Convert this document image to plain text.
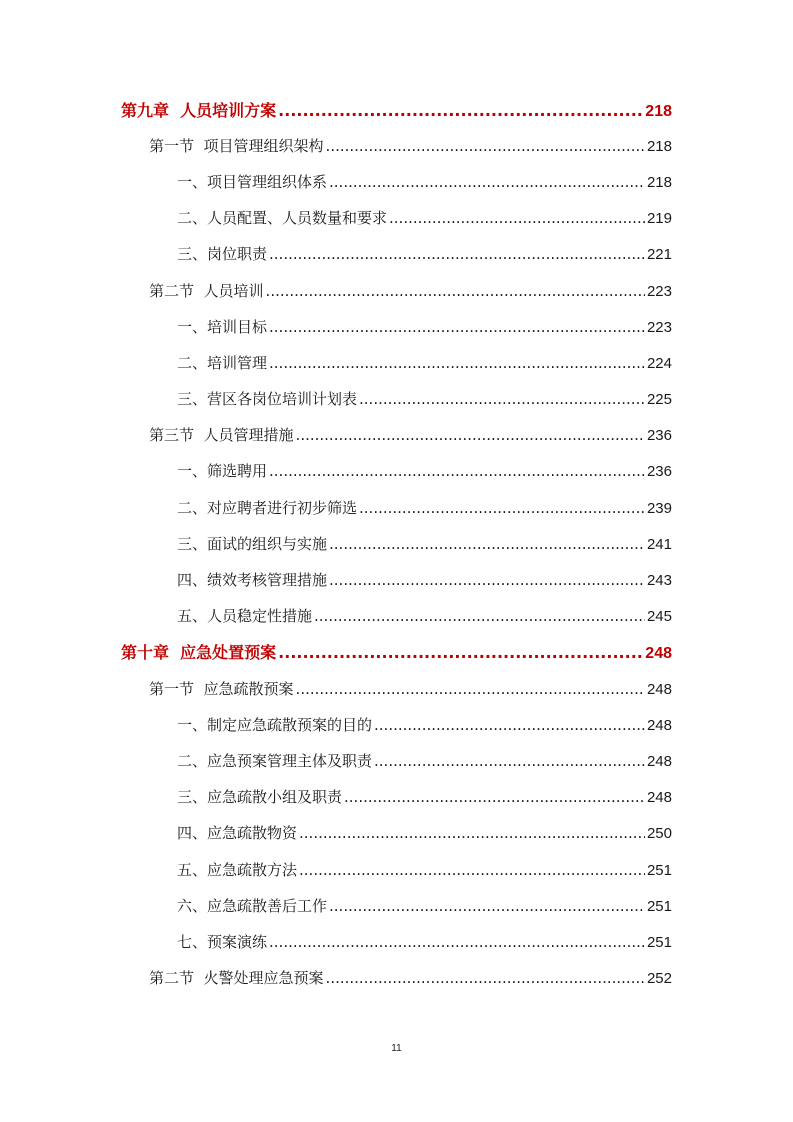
第九章  人员培训方案 .....	218
第一节  项目管理组织架构 .....	218
一、项目管理组织体系 .....	218
二、人员配置、人员数量和要求 .....	219
三、岗位职责 .....	221
第二节  人员培训 .....	223
一、培训目标 .....	223
二、培训管理 .....	224
三、营区各岗位培训计划表 .....	225
第三节  人员管理措施 .....	236
一、筛选聘用 .....	236
二、对应聘者进行初步筛选 .....	239
三、面试的组织与实施 .....	241
四、绩效考核管理措施 .....	243
五、人员稳定性措施 .....	245
第十章  应急处置预案 .....	248
第一节  应急疏散预案 .....	248
一、制定应急疏散预案的目的 .....	248
二、应急预案管理主体及职责 .....	248
三、应急疏散小组及职责 .....	248
四、应急疏散物资 .....	250
五、应急疏散方法 .....	251
六、应急疏散善后工作 .....	251
七、预案演练 .....	251
第二节  火警处理应急预案 .....	252
11
